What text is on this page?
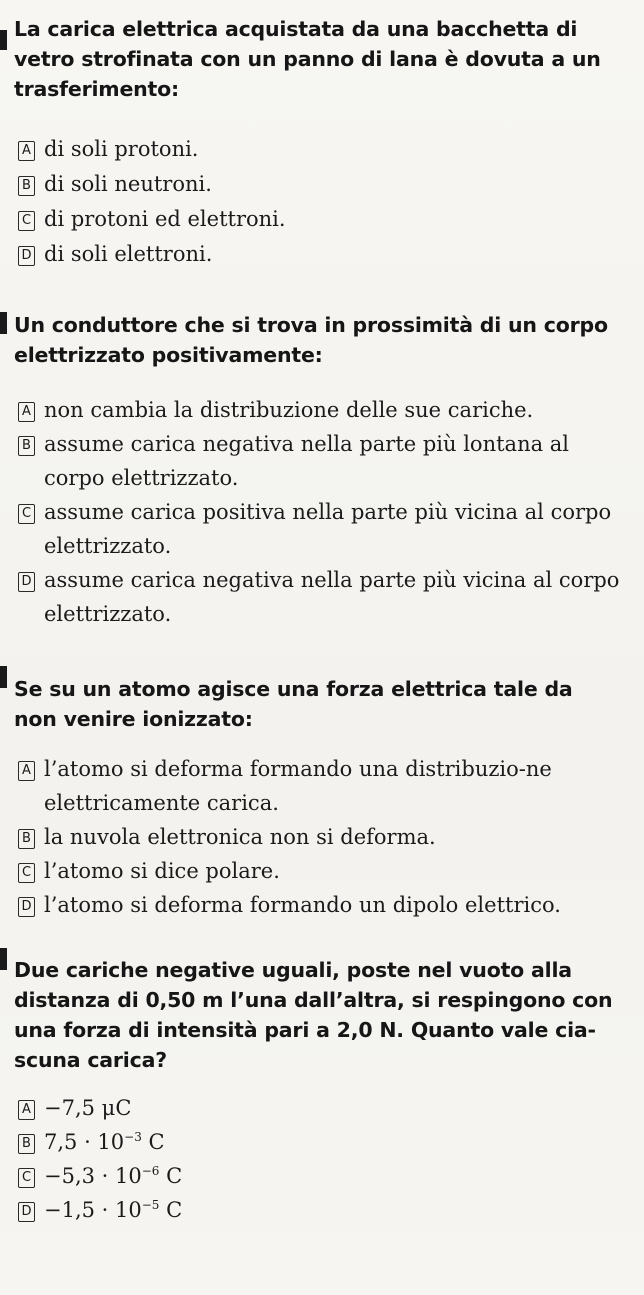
La carica elettrica acquistata da una bacchetta di vetro strofinata con un panno di lana è dovuta a un trasferimento:
A di soli protoni.
B di soli neutroni.
C di protoni ed elettroni.
D di soli elettroni.
Un conduttore che si trova in prossimità di un corpo elettrizzato positivamente:
A non cambia la distribuzione delle sue cariche.
B assume carica negativa nella parte più lontana al corpo elettrizzato.
C assume carica positiva nella parte più vicina al corpo elettrizzato.
D assume carica negativa nella parte più vicina al corpo elettrizzato.
Se su un atomo agisce una forza elettrica tale da non venire ionizzato:
A l’atomo si deforma formando una distribuzio-ne elettricamente carica.
B la nuvola elettronica non si deforma.
C l’atomo si dice polare.
D l’atomo si deforma formando un dipolo elettrico.
Due cariche negative uguali, poste nel vuoto alla distanza di 0,50 m l’una dall’altra, si respingono con una forza di intensità pari a 2,0 N. Quanto vale cia-scuna carica?
A −7,5 μC
B $7,5 \cdot 10^{-3}$ C
$C -5,3 \cdot 10^{-6}$ C
$D -1,5 \cdot 10^{-5}$ C
